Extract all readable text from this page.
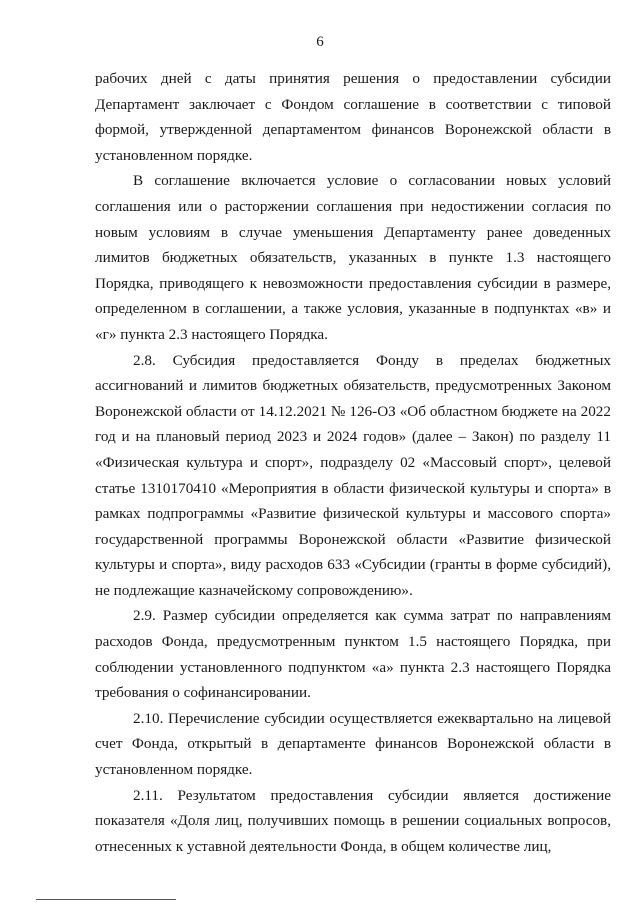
6

рабочих дней с даты принятия решения о предоставлении субсидии Департамент заключает с Фондом соглашение в соответствии с типовой формой, утвержденной департаментом финансов Воронежской области в установленном порядке.

В соглашение включается условие о согласовании новых условий соглашения или о расторжении соглашения при недостижении согласия по новым условиям в случае уменьшения Департаменту ранее доведенных лимитов бюджетных обязательств, указанных в пункте 1.3 настоящего Порядка, приводящего к невозможности предоставления субсидии в размере, определенном в соглашении, а также условия, указанные в подпунктах «в» и «г» пункта 2.3 настоящего Порядка.

2.8. Субсидия предоставляется Фонду в пределах бюджетных ассигнований и лимитов бюджетных обязательств, предусмотренных Законом Воронежской области от 14.12.2021 № 126-ОЗ «Об областном бюджете на 2022 год и на плановый период 2023 и 2024 годов» (далее – Закон) по разделу 11 «Физическая культура и спорт», подразделу 02 «Массовый спорт», целевой статье 1310170410 «Мероприятия в области физической культуры и спорта» в рамках подпрограммы «Развитие физической культуры и массового спорта» государственной программы Воронежской области «Развитие физической культуры и спорта», виду расходов 633 «Субсидии (гранты в форме субсидий), не подлежащие казначейскому сопровождению».

2.9. Размер субсидии определяется как сумма затрат по направлениям расходов Фонда, предусмотренным пунктом 1.5 настоящего Порядка, при соблюдении установленного подпунктом «а» пункта 2.3 настоящего Порядка требования о софинансировании.

2.10. Перечисление субсидии осуществляется ежеквартально на лицевой счет Фонда, открытый в департаменте финансов Воронежской области в установленном порядке.

2.11. Результатом предоставления субсидии является достижение показателя «Доля лиц, получивших помощь в решении социальных вопросов, отнесенных к уставной деятельности Фонда, в общем количестве лиц,
